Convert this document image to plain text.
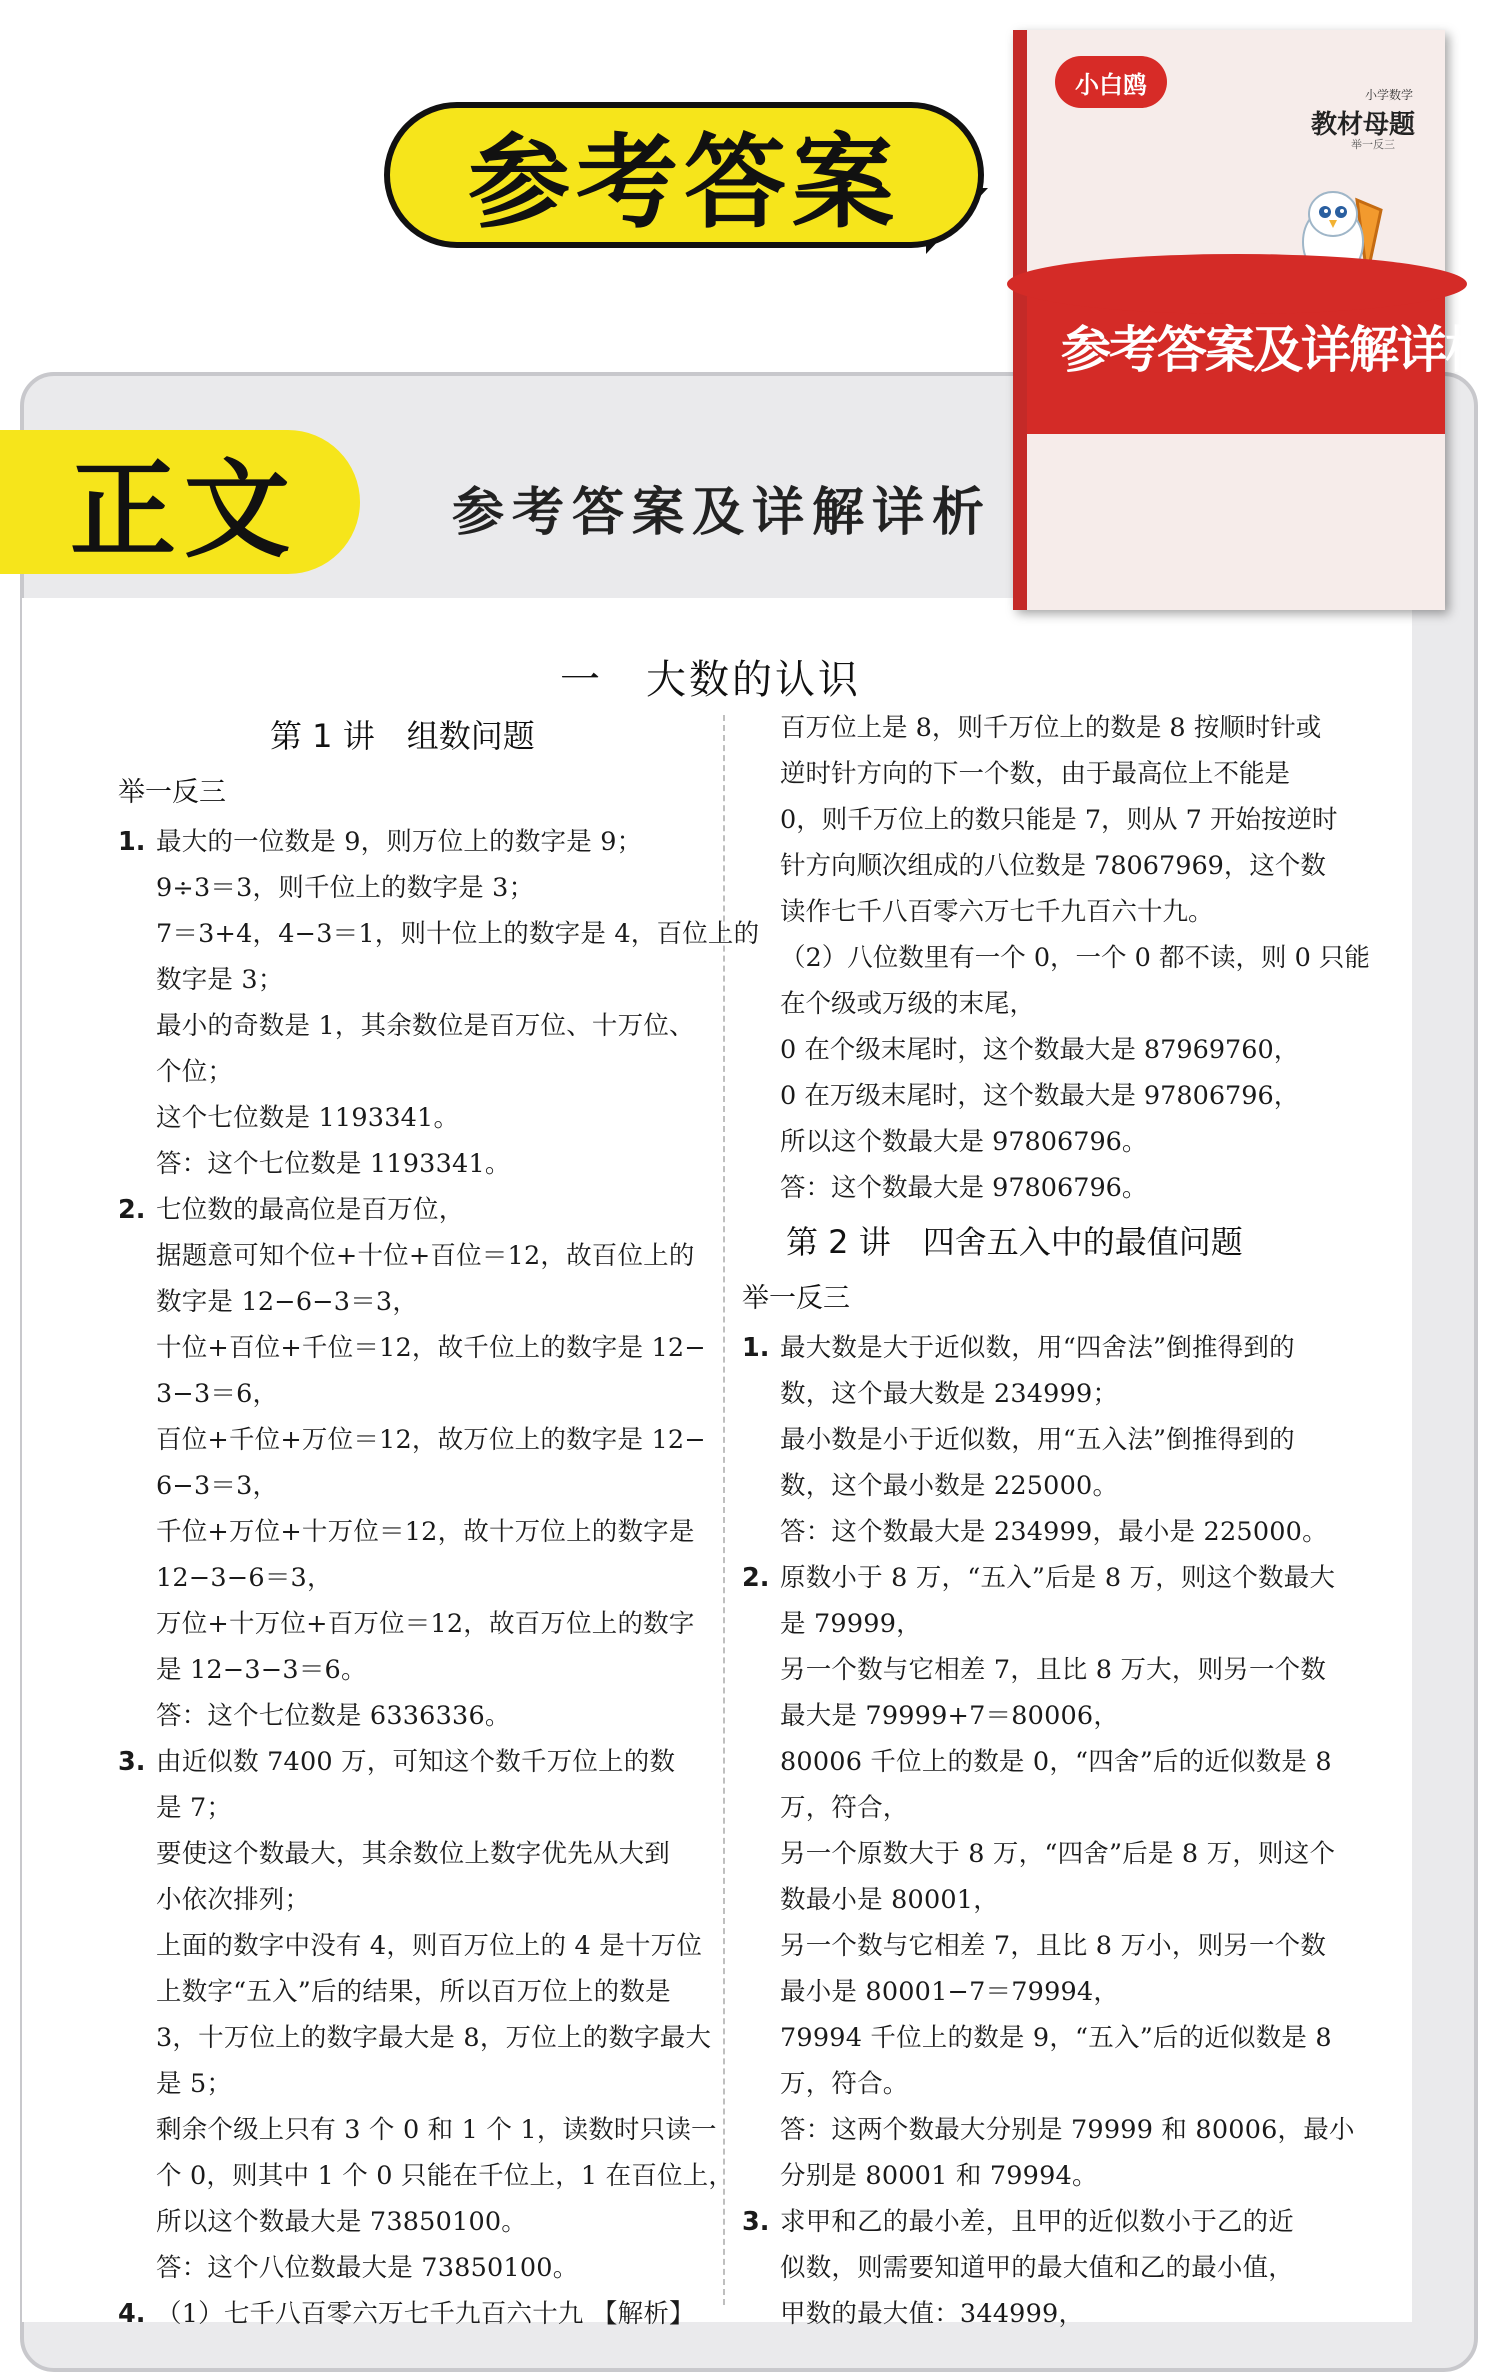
参考答案
正文	参考答案及详解详析
小白鸥	小学数学
教材母题
举一反三
参考答案及详解详析
一　大数的认识
第 1 讲　组数问题
举一反三
1. 最大的一位数是 9，则万位上的数字是 9；
9÷3＝3，则千位上的数字是 3；
7＝3+4，4−3＝1，则十位上的数字是 4，百位上的
数字是 3；
最小的奇数是 1，其余数位是百万位、十万位、
个位；
这个七位数是 1193341。
答：这个七位数是 1193341。
2. 七位数的最高位是百万位，
据题意可知个位+十位+百位＝12，故百位上的
数字是 12−6−3＝3，
十位+百位+千位＝12，故千位上的数字是 12−
3−3＝6，
百位+千位+万位＝12，故万位上的数字是 12−
6−3＝3，
千位+万位+十万位＝12，故十万位上的数字是
12−3−6＝3，
万位+十万位+百万位＝12，故百万位上的数字
是 12−3−3＝6。
答：这个七位数是 6336336。
3. 由近似数 7400 万，可知这个数千万位上的数
是 7；
要使这个数最大，其余数位上数字优先从大到
小依次排列；
上面的数字中没有 4，则百万位上的 4 是十万位
上数字“五入”后的结果，所以百万位上的数是
3，十万位上的数字最大是 8，万位上的数字最大
是 5；
剩余个级上只有 3 个 0 和 1 个 1，读数时只读一
个 0，则其中 1 个 0 只能在千位上，1 在百位上，
所以这个数最大是 73850100。
答：这个八位数最大是 73850100。
4. （1）七千八百零六万七千九百六十九 【解析】
百万位上是 8，则千万位上的数是 8 按顺时针或
逆时针方向的下一个数，由于最高位上不能是
0，则千万位上的数只能是 7，则从 7 开始按逆时
针方向顺次组成的八位数是 78067969，这个数
读作七千八百零六万七千九百六十九。
（2）八位数里有一个 0，一个 0 都不读，则 0 只能
在个级或万级的末尾，
0 在个级末尾时，这个数最大是 87969760，
0 在万级末尾时，这个数最大是 97806796，
所以这个数最大是 97806796。
答：这个数最大是 97806796。
第 2 讲　四舍五入中的最值问题
举一反三
1. 最大数是大于近似数，用“四舍法”倒推得到的
数，这个最大数是 234999；
最小数是小于近似数，用“五入法”倒推得到的
数，这个最小数是 225000。
答：这个数最大是 234999，最小是 225000。
2. 原数小于 8 万，“五入”后是 8 万，则这个数最大
是 79999，
另一个数与它相差 7，且比 8 万大，则另一个数
最大是 79999+7＝80006，
80006 千位上的数是 0，“四舍”后的近似数是 8
万，符合，
另一个原数大于 8 万，“四舍”后是 8 万，则这个
数最小是 80001，
另一个数与它相差 7，且比 8 万小，则另一个数
最小是 80001−7＝79994，
79994 千位上的数是 9，“五入”后的近似数是 8
万，符合。
答：这两个数最大分别是 79999 和 80006，最小
分别是 80001 和 79994。
3. 求甲和乙的最小差，且甲的近似数小于乙的近
似数，则需要知道甲的最大值和乙的最小值，
甲数的最大值：344999，
